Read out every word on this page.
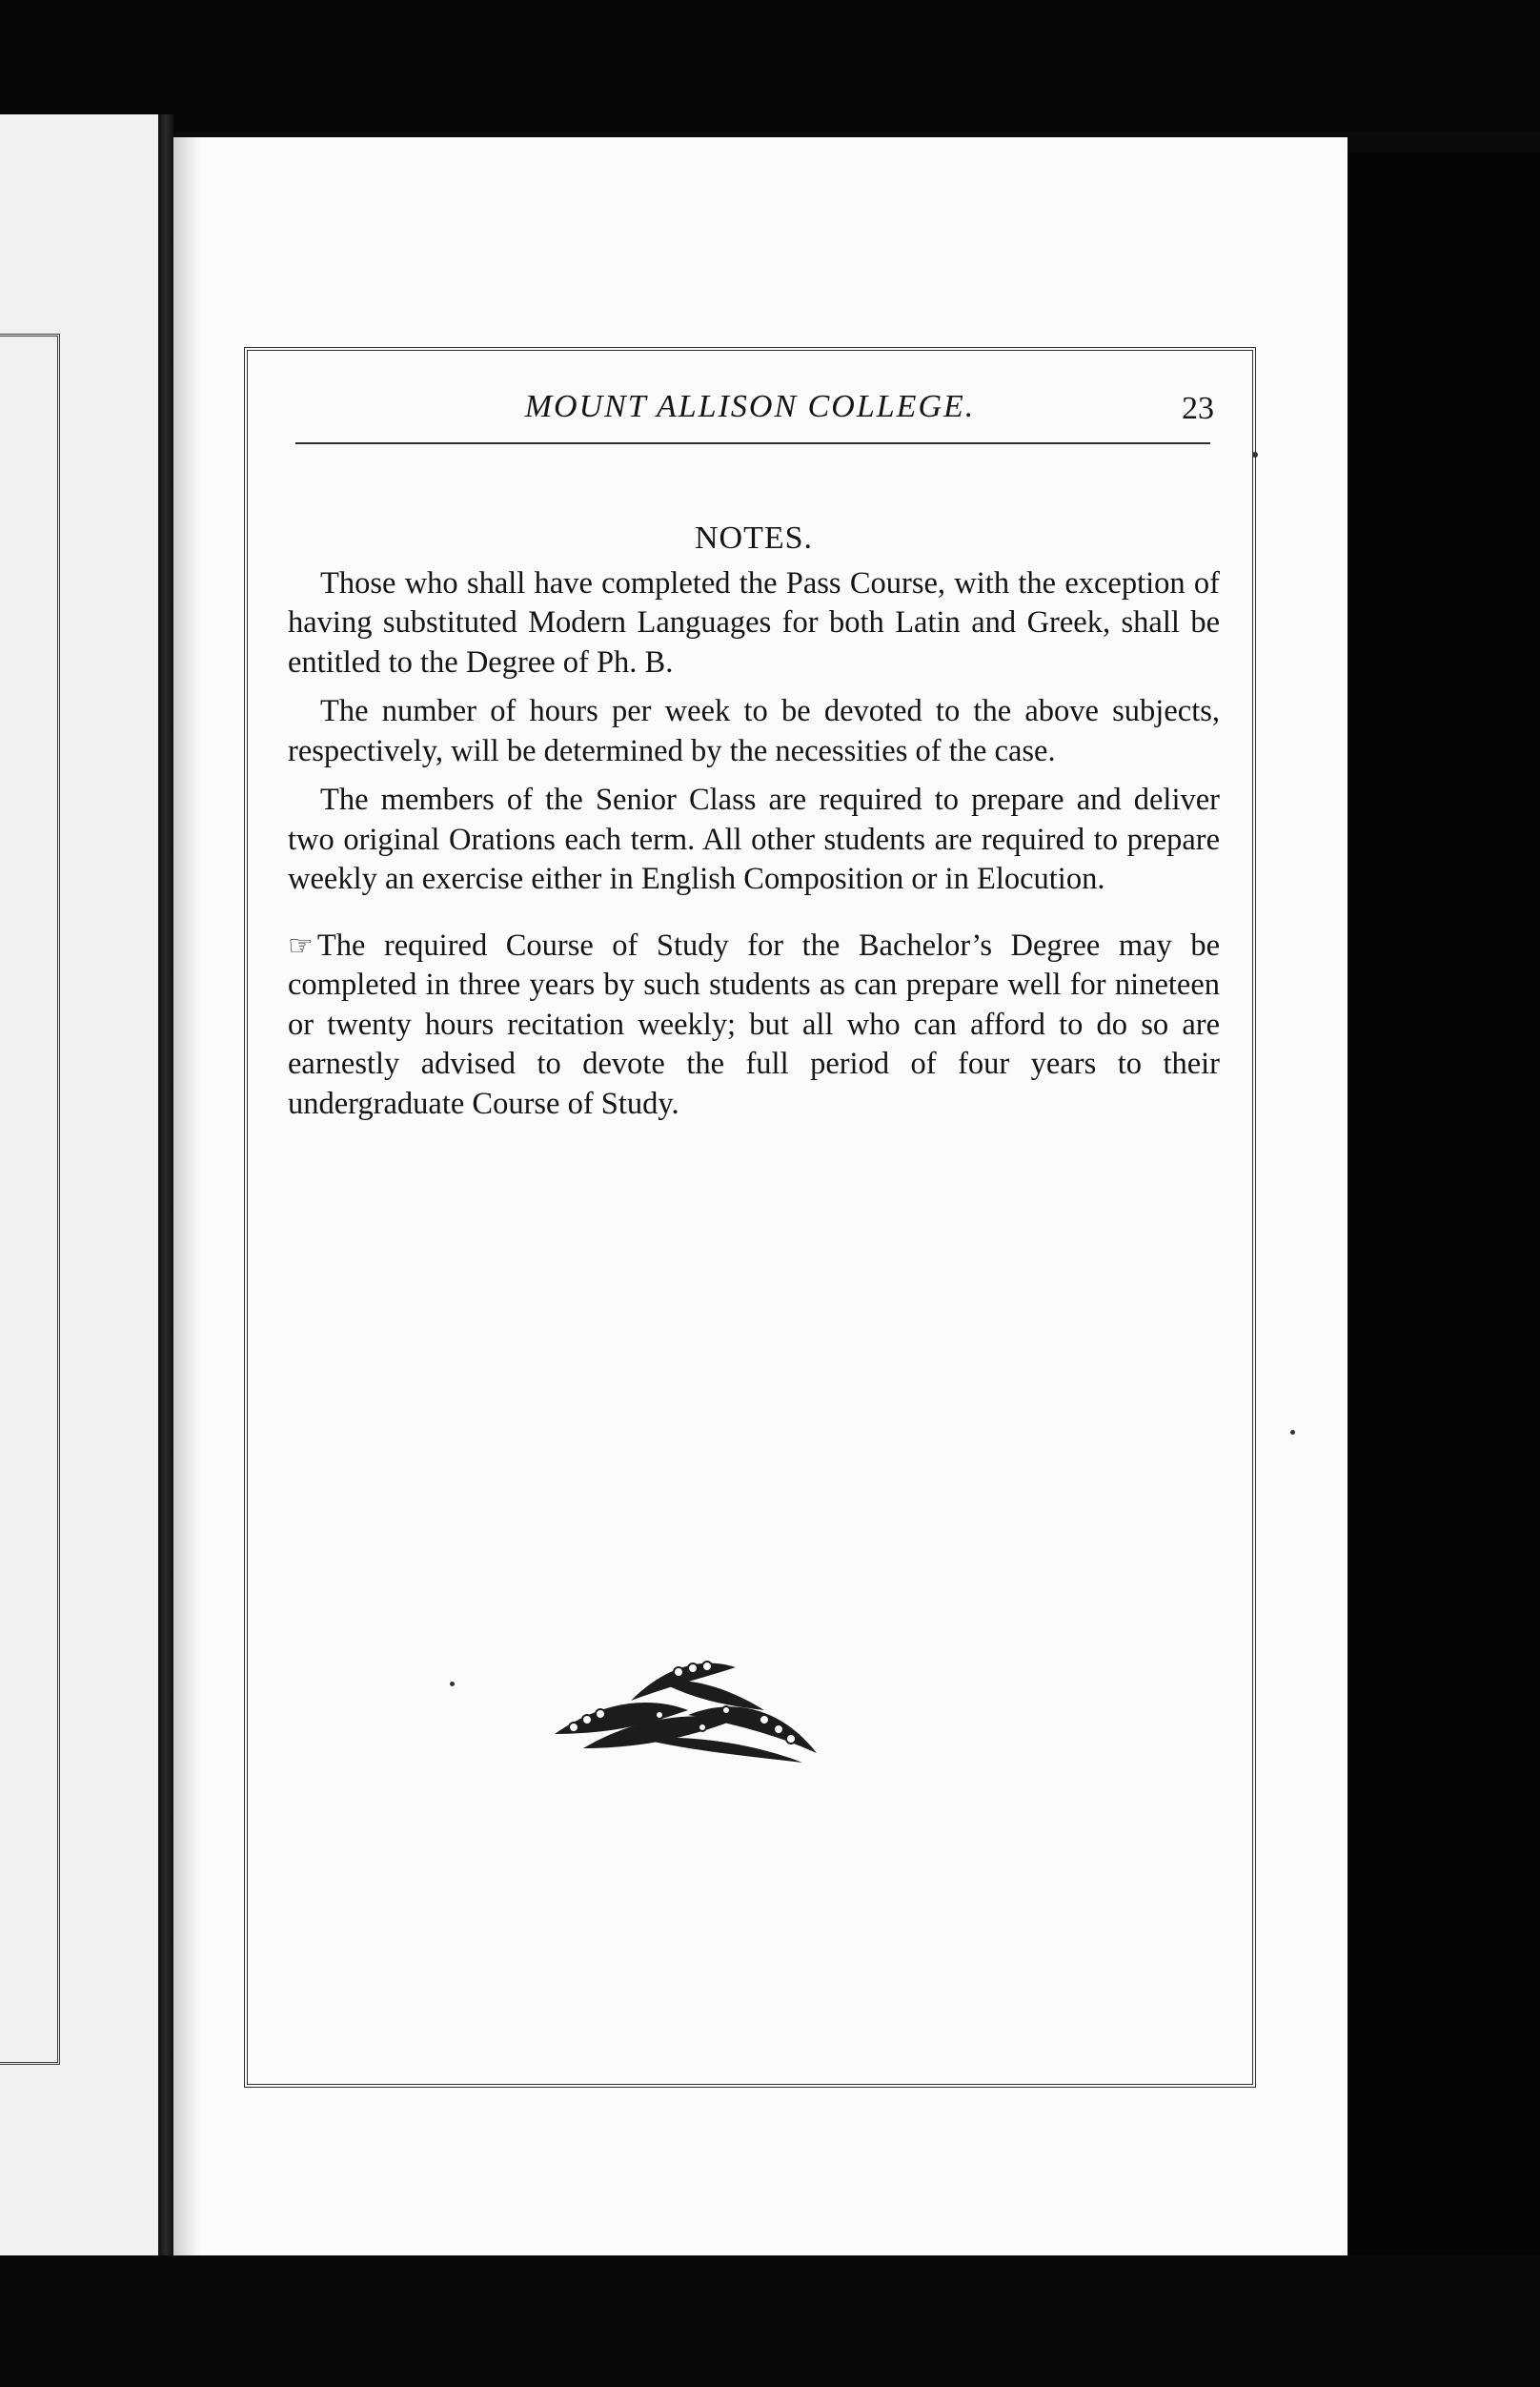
MOUNT ALLISON COLLEGE.	23

NOTES.

Those who shall have completed the Pass Course, with the exception of having substituted Modern Languages for both Latin and Greek, shall be entitled to the Degree of Ph. B.

The number of hours per week to be devoted to the above subjects, respectively, will be determined by the necessities of the case.

The members of the Senior Class are required to prepare and deliver two original Orations each term. All other students are required to prepare weekly an exercise either in English Composition or in Elocution.

☞ The required Course of Study for the Bachelor’s Degree may be completed in three years by such students as can prepare well for nineteen or twenty hours recitation weekly; but all who can afford to do so are earnestly advised to devote the full period of four years to their undergraduate Course of Study.
